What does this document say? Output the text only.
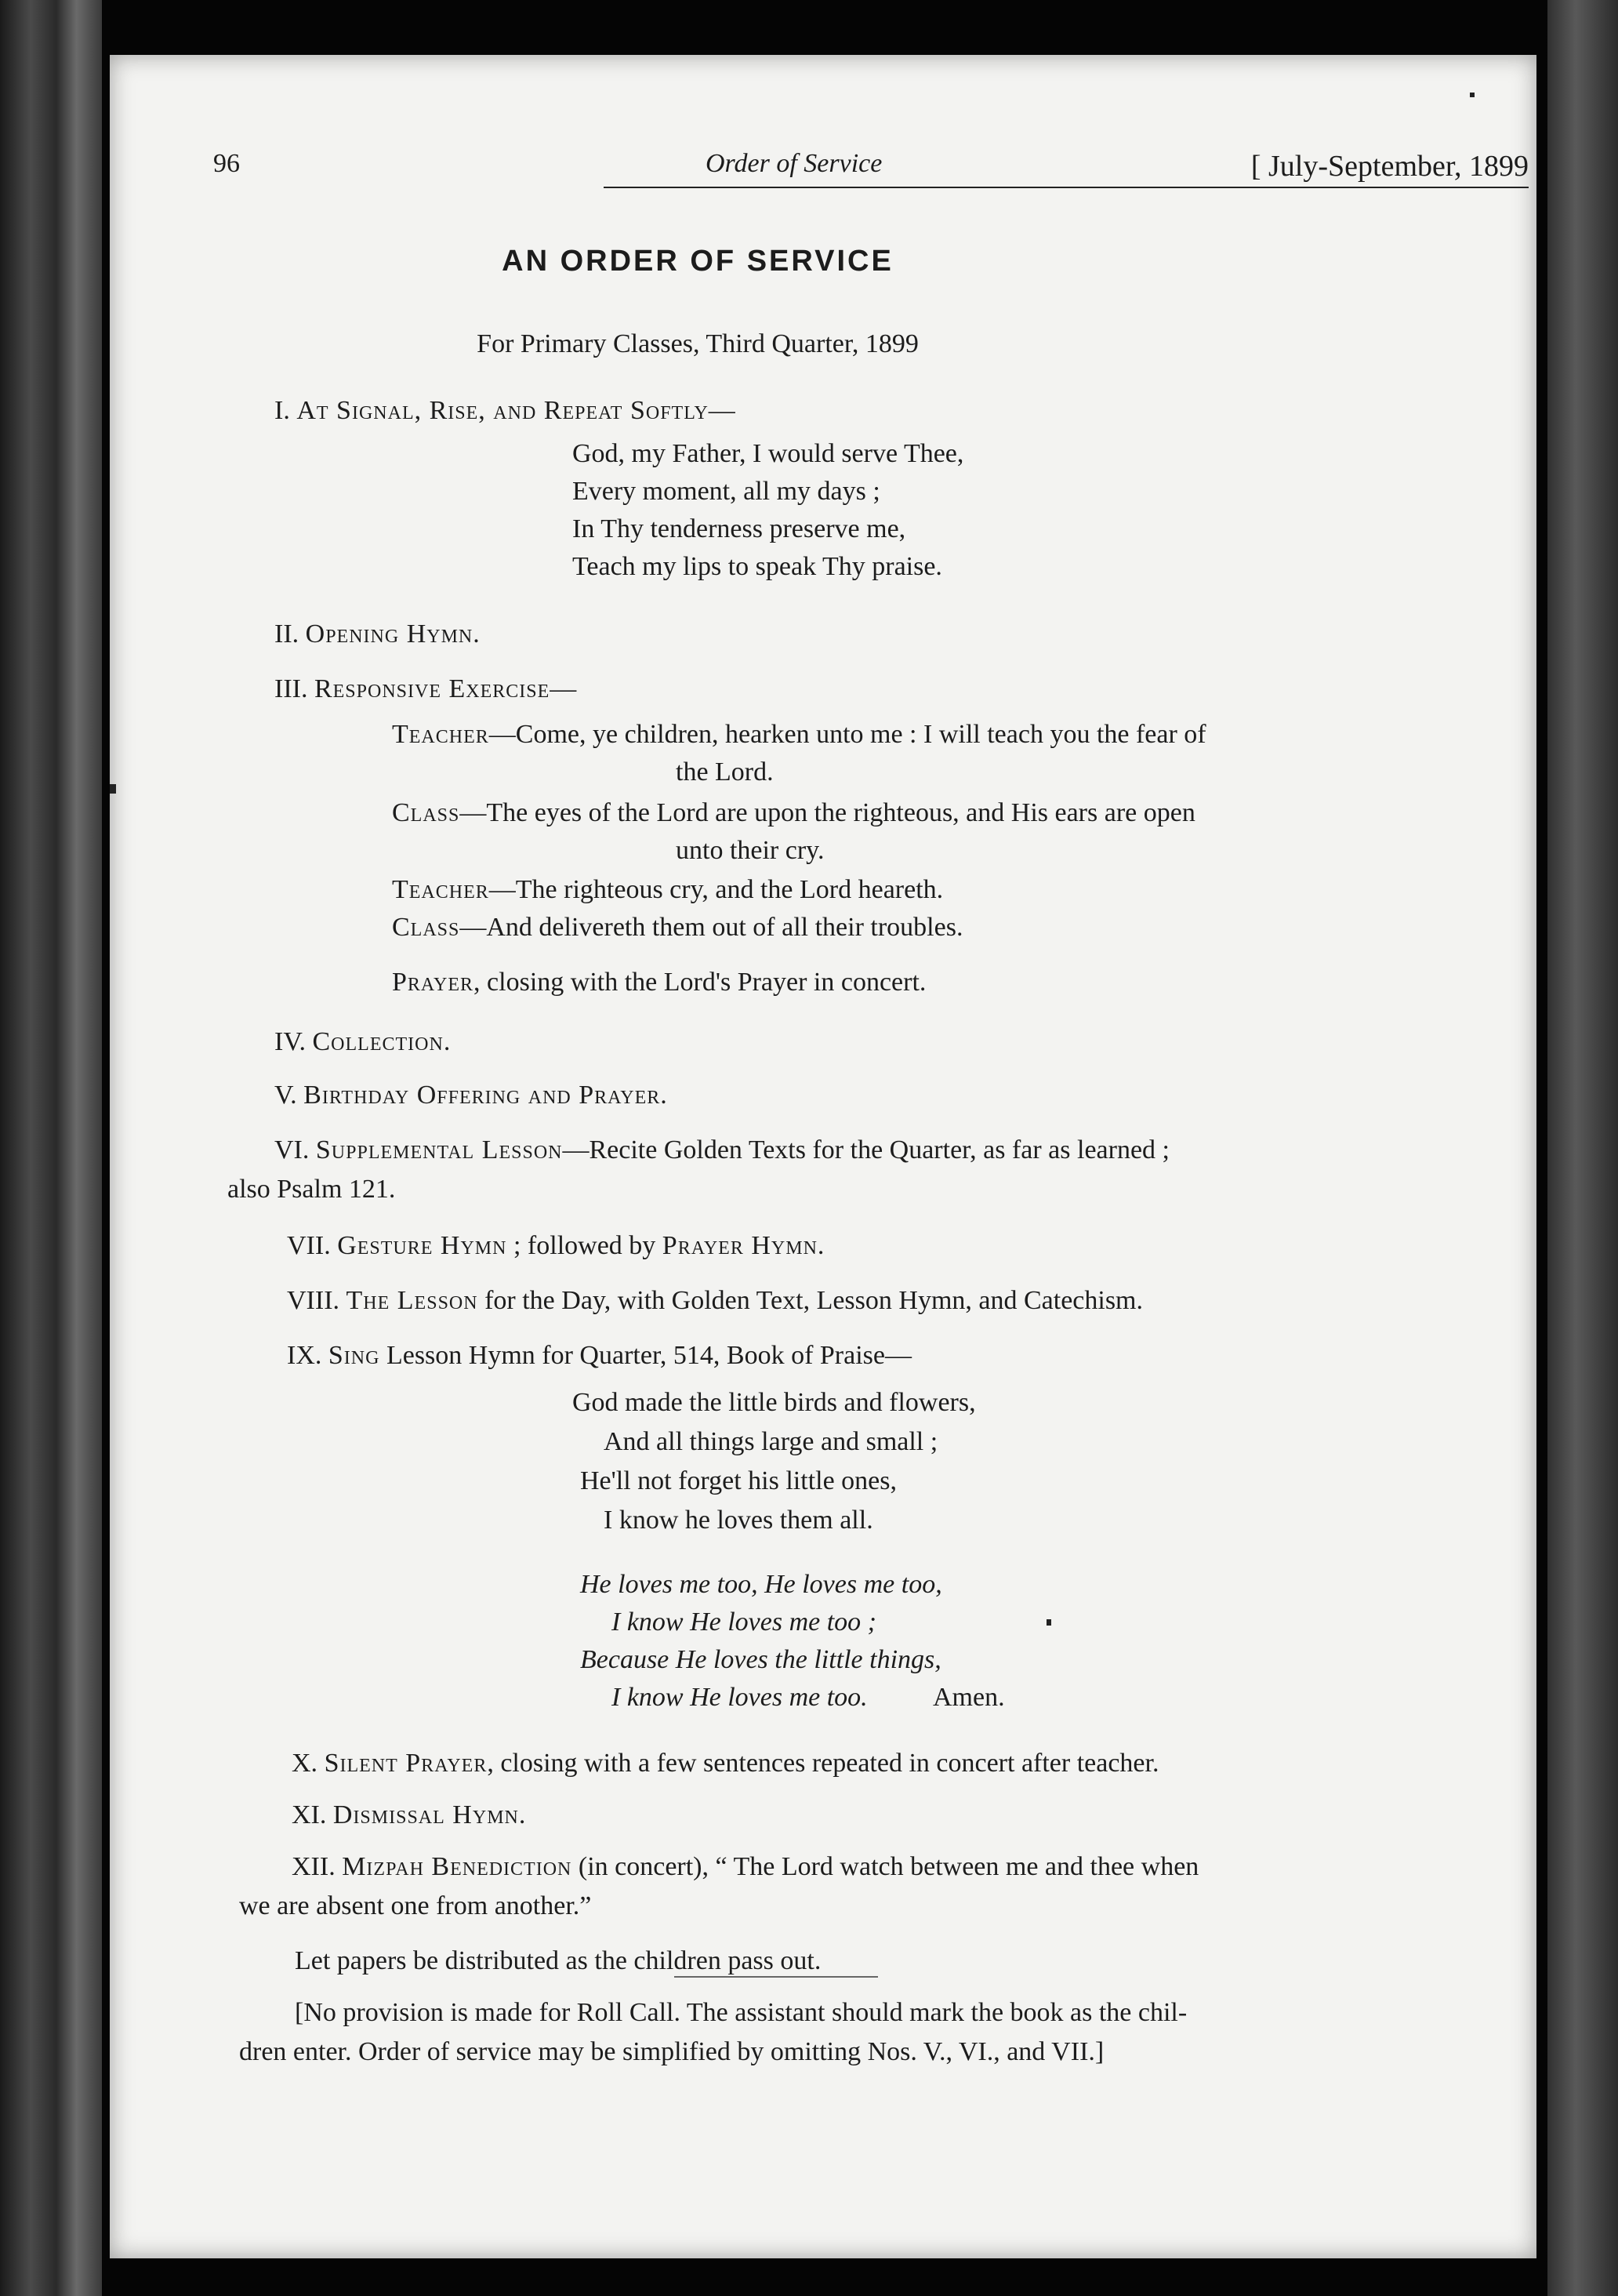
96	Order of Service	[ July-September, 1899
AN ORDER OF SERVICE
For Primary Classes, Third Quarter, 1899
I. At Signal, Rise, and Repeat Softly—
God, my Father, I would serve Thee,
Every moment, all my days ;
In Thy tenderness preserve me,
Teach my lips to speak Thy praise.
II. Opening Hymn.
III. Responsive Exercise—
Teacher—Come, ye children, hearken unto me : I will teach you the fear of
the Lord.
Class—The eyes of the Lord are upon the righteous, and His ears are open
unto their cry.
Teacher—The righteous cry, and the Lord heareth.
Class—And delivereth them out of all their troubles.
Prayer, closing with the Lord's Prayer in concert.
IV. Collection.
V. Birthday Offering and Prayer.
VI. Supplemental Lesson—Recite Golden Texts for the Quarter, as far as learned ;
also Psalm 121.
VII. Gesture Hymn ; followed by Prayer Hymn.
VIII. The Lesson for the Day, with Golden Text, Lesson Hymn, and Catechism.
IX. Sing Lesson Hymn for Quarter, 514, Book of Praise—
God made the little birds and flowers,
And all things large and small ;
He'll not forget his little ones,
I know he loves them all.
He loves me too, He loves me too,
I know He loves me too ;
Because He loves the little things,
I know He loves me too. Amen.
X. Silent Prayer, closing with a few sentences repeated in concert after teacher.
XI. Dismissal Hymn.
XII. Mizpah Benediction (in concert), “ The Lord watch between me and thee when
we are absent one from another.”
Let papers be distributed as the children pass out.
[No provision is made for Roll Call. The assistant should mark the book as the chil-
dren enter. Order of service may be simplified by omitting Nos. V., VI., and VII.]
